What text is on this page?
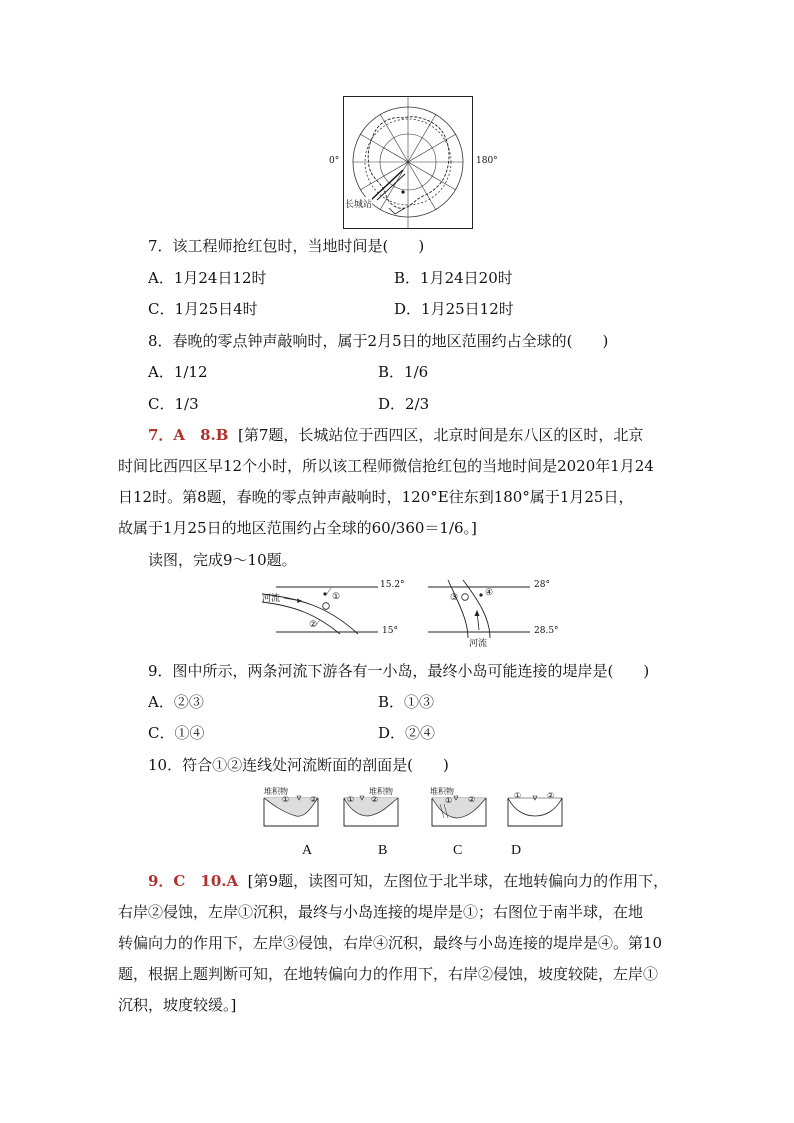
0°	180°
长城站
7．该工程师抢红包时，当地时间是(　　)
A．1月24日12时	B．1月24日20时
C．1月25日4时	D．1月25日12时
8．春晚的零点钟声敲响时，属于2月5日的地区范围约占全球的(　　)
A．1/12	B．1/6
C．1/3	D．2/3
7．A　8.B [第7题，长城站位于西四区，北京时间是东八区的区时，北京
时间比西四区早12个小时，所以该工程师微信抢红包的当地时间是2020年1月24
日12时。第8题，春晚的零点钟声敲响时，120°E往东到180°属于1月25日，
故属于1月25日的地区范围约占全球的60/360＝1/6。]
读图，完成9～10题。
15.2°
15°
河流	①
②
28°
28.5°
河流
③	④
9．图中所示，两条河流下游各有一小岛，最终小岛可能连接的堤岸是(　　)
A．②③	B．①③
C．①④	D．②④
10．符合①②连线处河流断面的剖面是(　　)
堆积物
①	②	①
堆积物
②
堆积物
① ②	①	②
A	B	C	D
9．C　10.A [第9题，读图可知，左图位于北半球，在地转偏向力的作用下，
右岸②侵蚀，左岸①沉积，最终与小岛连接的堤岸是①；右图位于南半球，在地
转偏向力的作用下，左岸③侵蚀，右岸④沉积，最终与小岛连接的堤岸是④。第10
题，根据上题判断可知，在地转偏向力的作用下，右岸②侵蚀，坡度较陡，左岸①
沉积，坡度较缓。]
